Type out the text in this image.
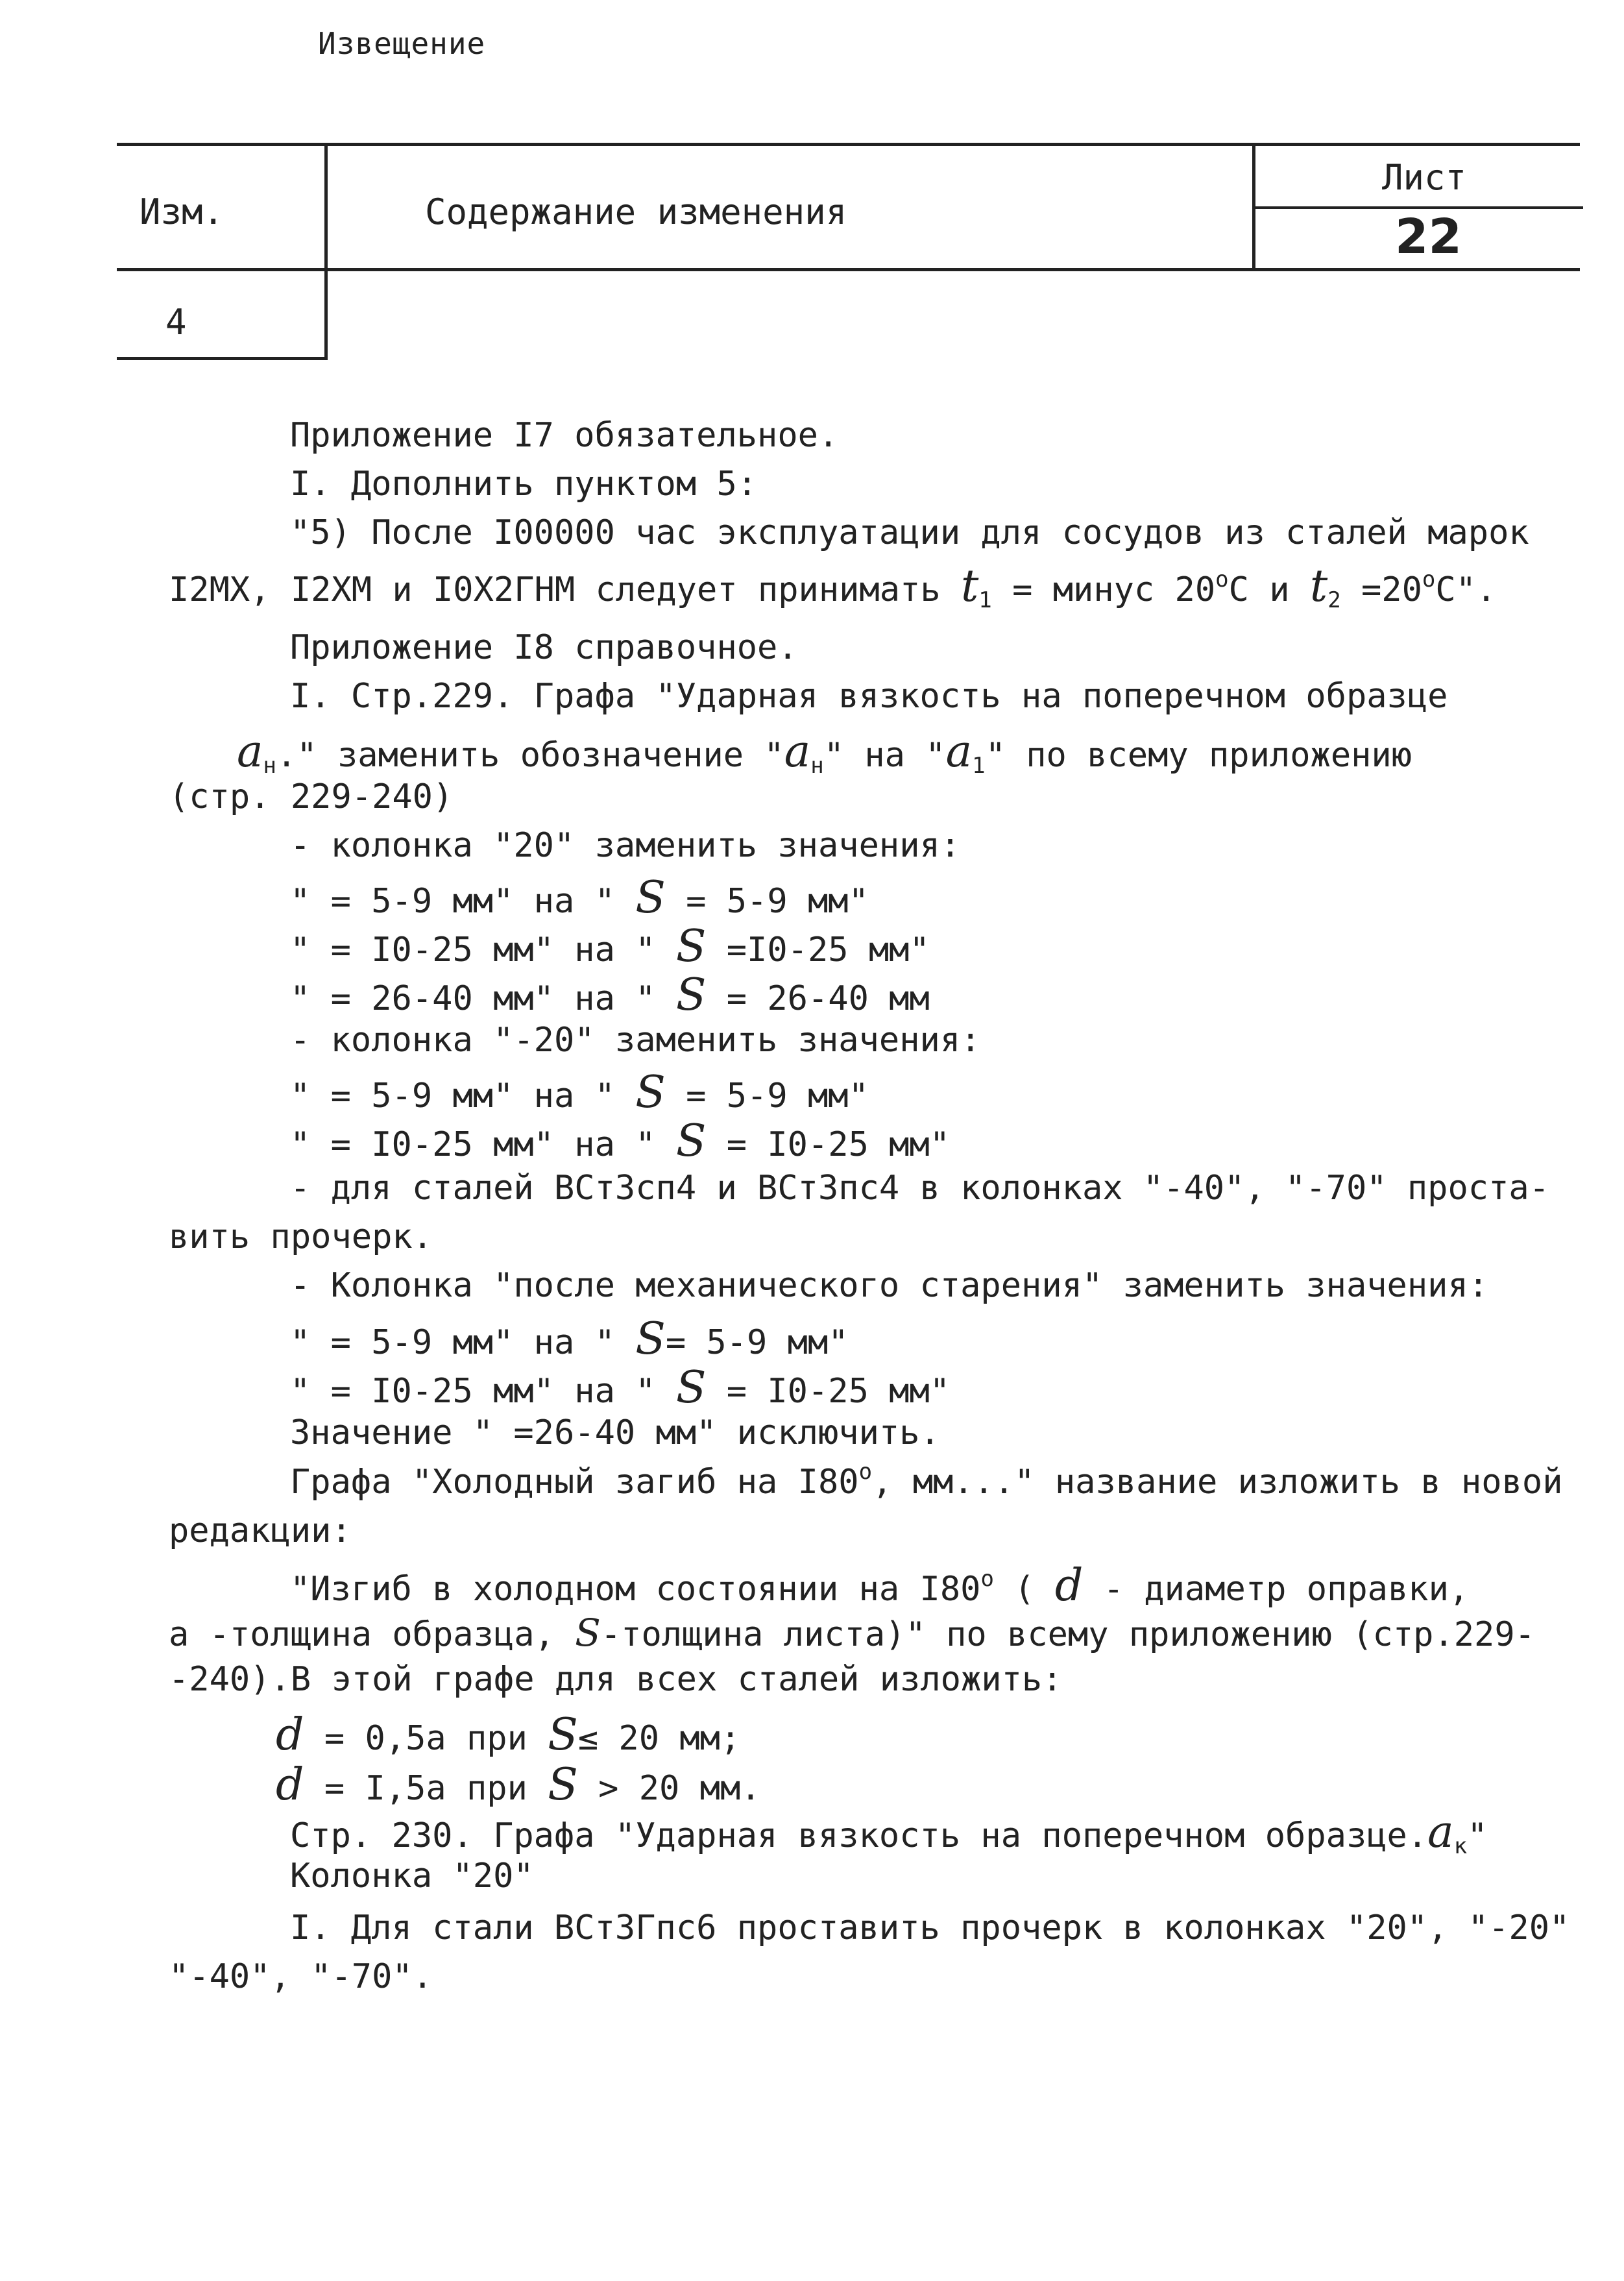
Извещение
Изм.	Содержание изменения
Лист
22
4
Приложение I7 обязательное.
I. Дополнить пунктом 5:
"5) После I00000 час эксплуатации для сосудов из сталей марок
I2МХ, I2ХМ и I0Х2ГНМ следует принимать $t_1$ = минус $20^оС$ и $t_2 =20^оС$".
Приложение I8 справочное.
I. Стр.229. Графа "Ударная вязкость на поперечном образце
$a_н$." заменить обозначение "$a_н$" на "$a_1$" по всему приложению
(стр. 229-240)
- колонка "20" заменить значения:
" = 5-9 мм" на " S = 5-9 мм"
" = I0-25 мм" на " S =I0-25 мм"
" = 26-40 мм" на " S = 26-40 мм
- колонка "-20" заменить значения:
" = 5-9 мм" на " S = 5-9 мм"
" = I0-25 мм" на " S = I0-25 мм"
- для сталей ВСт3сп4 и ВСт3пс4 в колонках "-40", "-70" проста-
вить прочерк.
- Колонка "после механического старения" заменить значения:
" = 5-9 мм" на " S= 5-9 мм"
" = I0-25 мм" на " S = I0-25 мм"
Значение " =26-40 мм" исключить.
Графа "Холодный загиб на $I80^о$, мм..." название изложить в новой
редакции:
"Изгиб в холодном состоянии на $I80^о$ ( d - диаметр оправки,
а -толщина образца, S-толщина листа)" по всему приложению (стр.229-
-240).В этой графе для всех сталей изложить:
d = 0,5а при S≤ 20 мм;
d = I,5а при S > 20 мм.
Стр. 230. Графа "Ударная вязкость на поперечном $образце.a_к$"
Колонка "20"
I. Для стали ВСт3Гпс6 проставить прочерк в колонках "20", "-20"
"-40", "-70".
